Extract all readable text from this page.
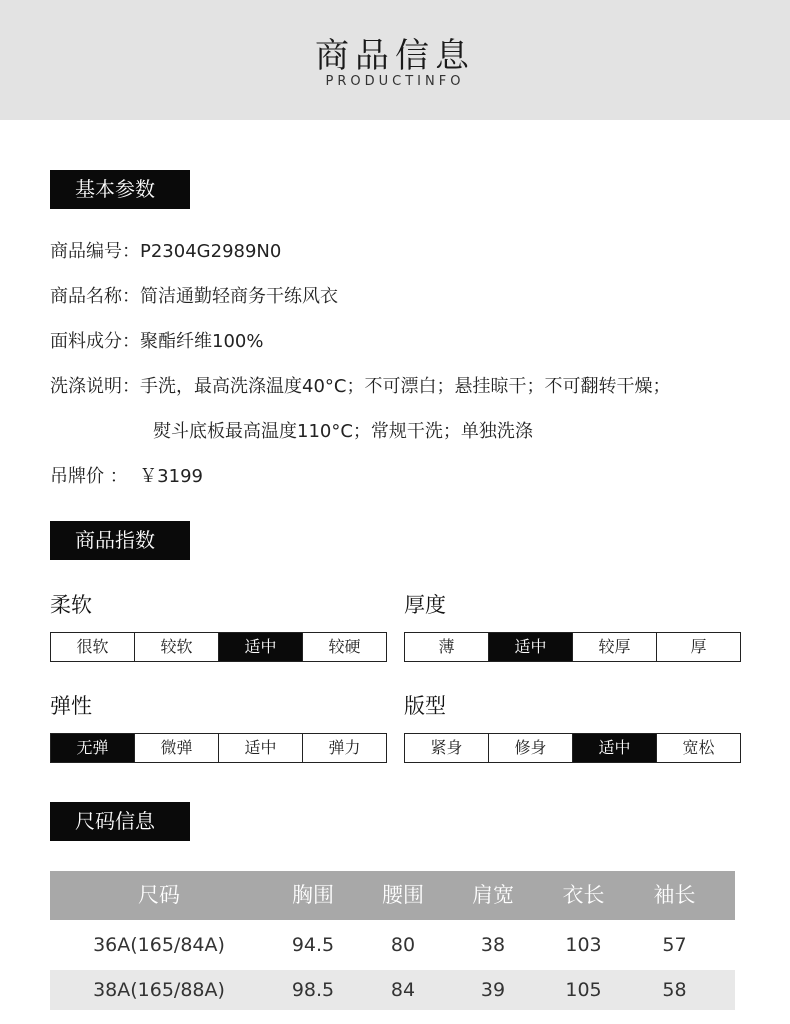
商品信息
PRODUCTINFO
基本参数
商品编号：P2304G2989N0
商品名称：简洁通勤轻商务干练风衣
面料成分：聚酯纤维100%
洗涤说明：手洗，最高洗涤温度40°C；不可漂白；悬挂晾干；不可翻转干燥；
熨斗底板最高温度110°C；常规干洗；单独洗涤
吊牌价 ： ￥3199
商品指数
柔软
很软	较软	适中	较硬
厚度
薄	适中	较厚	厚
弹性
无弹	微弹	适中	弹力
版型
紧身	修身	适中	宽松
尺码信息
尺码	胸围	腰围	肩宽	衣长	袖长
36A(165/84A)	94.5	80	38	103	57
38A(165/88A)	98.5	84	39	105	58
